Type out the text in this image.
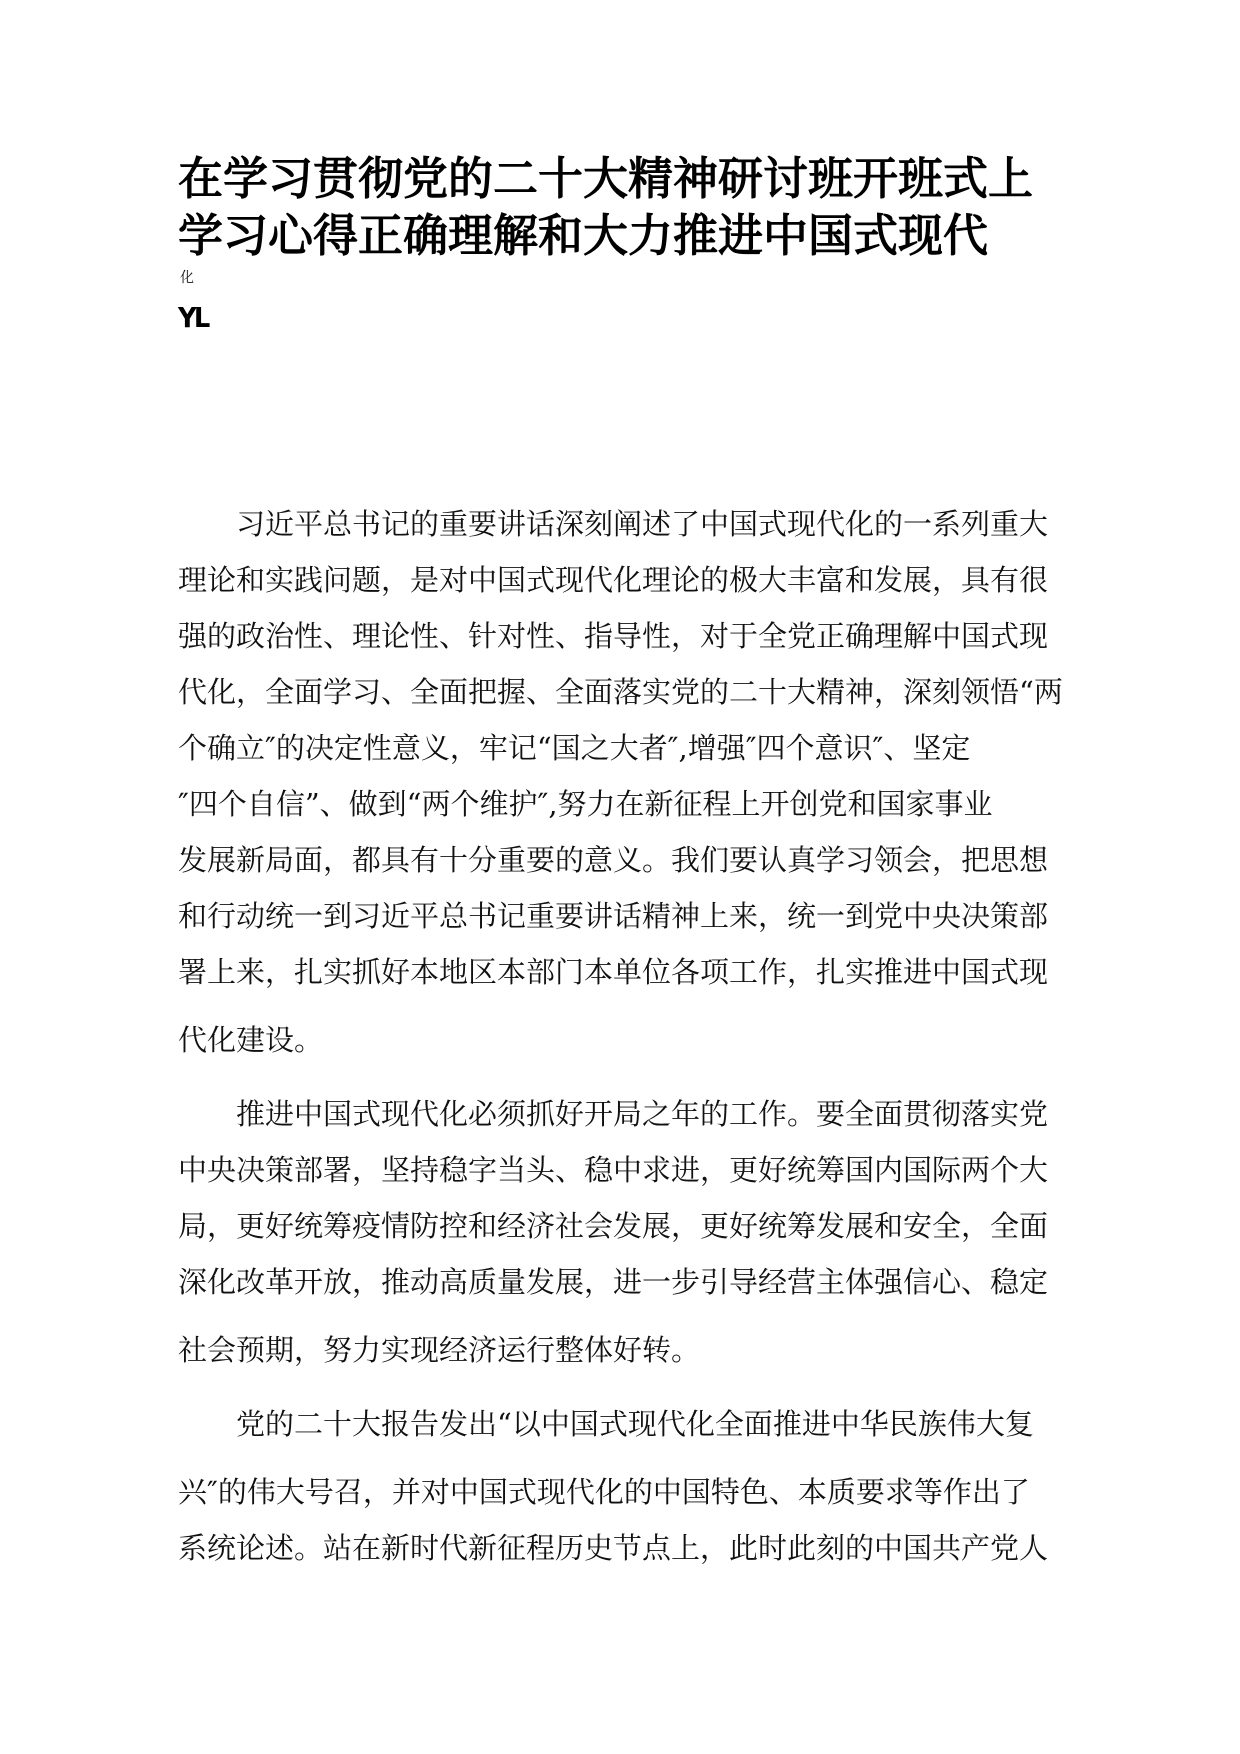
在学习贯彻党的二十大精神研讨班开班式上
学习心得正确理解和大力推进中国式现代
化
YL

习近平总书记的重要讲话深刻阐述了中国式现代化的一系列重大
理论和实践问题，是对中国式现代化理论的极大丰富和发展，具有很
强的政治性、理论性、针对性、指导性，对于全党正确理解中国式现
代化，全面学习、全面把握、全面落实党的二十大精神，深刻领悟“两
个确立″的决定性意义，牢记“国之大者″,增强″四个意识″、坚定
″四个自信”、做到“两个维护″,努力在新征程上开创党和国家事业
发展新局面，都具有十分重要的意义。我们要认真学习领会，把思想
和行动统一到习近平总书记重要讲话精神上来，统一到党中央决策部
署上来，扎实抓好本地区本部门本单位各项工作，扎实推进中国式现
代化建设。

推进中国式现代化必须抓好开局之年的工作。要全面贯彻落实党
中央决策部署，坚持稳字当头、稳中求进，更好统筹国内国际两个大
局，更好统筹疫情防控和经济社会发展，更好统筹发展和安全，全面
深化改革开放，推动高质量发展，进一步引导经营主体强信心、稳定
社会预期，努力实现经济运行整体好转。

党的二十大报告发出“以中国式现代化全面推进中华民族伟大复
兴″的伟大号召，并对中国式现代化的中国特色、本质要求等作出了
系统论述。站在新时代新征程历史节点上，此时此刻的中国共产党人
